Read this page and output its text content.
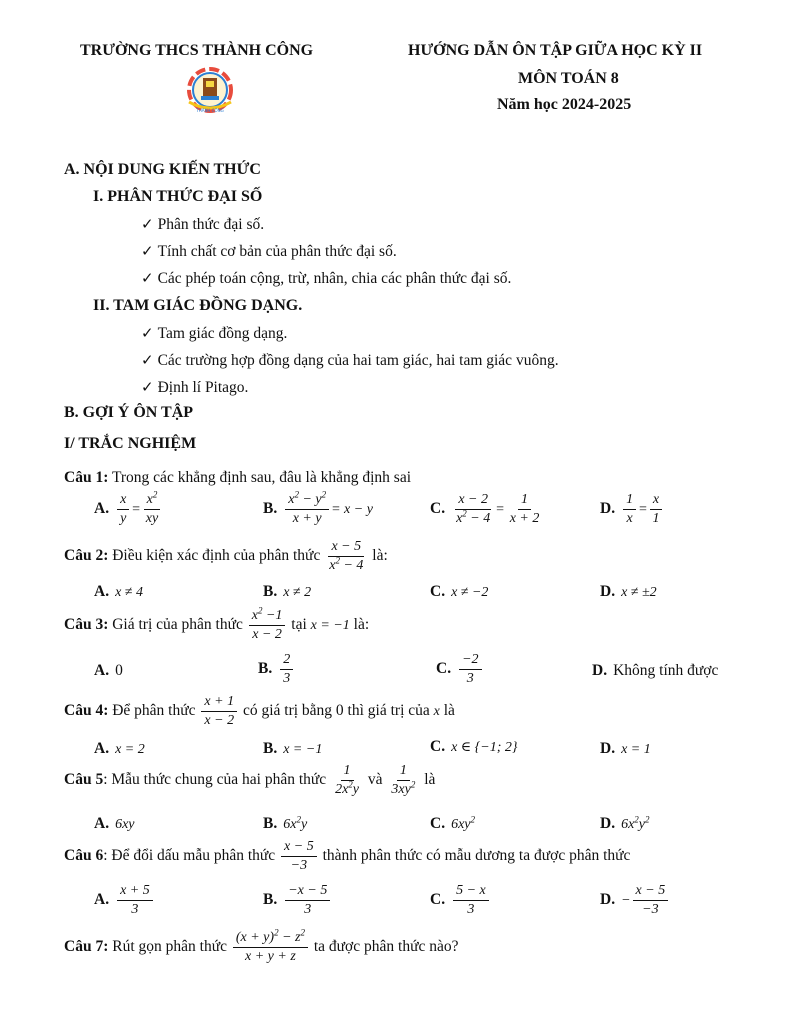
TRƯỜNG THCS THÀNH CÔNG	HƯỚNG DẪN ÔN TẬP GIỮA HỌC KỲ II
MÔN TOÁN 8
Năm học 2024-2025
THÀNH CÔNG
A. NỘI DUNG KIẾN THỨC
I. PHÂN THỨC ĐẠI SỐ
✓ Phân thức đại số.
✓ Tính chất cơ bản của phân thức đại số.
✓ Các phép toán cộng, trừ, nhân, chia các phân thức đại số.
II. TAM GIÁC ĐỒNG DẠNG.
✓ Tam giác đồng dạng.
✓ Các trường hợp đồng dạng của hai tam giác, hai tam giác vuông.
✓ Định lí Pitago.
B. GỢI Ý ÔN TẬP
I/ TRẮC NGHIỆM
Câu 1: Trong các khẳng định sau, đâu là khẳng định sai
A. $\frac{x}{y} = \frac{x^2}{xy}$	B. $\frac{x^2 - y^2}{x + y} = x - y$	C. $\frac{x - 2}{x^2 - 4} = \frac{1}{x + 2}$	D. $\frac{1}{x} = \frac{x}{1}$
Câu 2: Điều kiện xác định của phân thức $\frac{x - 5}{x^2 - 4}$ là:
A. x ≠ 4	B. x ≠ 2	C. x ≠ −2	D. x ≠ ±2
Câu 3: Giá trị của phân thức $\frac{x^2 -1}{x - 2}$ tại x = −1 là:
A. 0	B. $\frac{2}{3}$	C. $\frac{-2}{3}$	D. Không tính được
Câu 4: Để phân thức $\frac{x + 1}{x - 2}$ có giá trị bằng 0 thì giá trị của x là
A. x = 2	B. x = −1	C. x ∈ {−1; 2}	D. x = 1
Câu 5: Mẫu thức chung của hai phân thức $\frac{1}{2x^2y}$ và $\frac{1}{3xy^2}$ là
A. 6xy	B. $6x^2y$	C. $6xy^2$	D. $6x^2y^2$
Câu 6: Để đổi dấu mẫu phân thức $\frac{x - 5}{-3}$ thành phân thức có mẫu dương ta được phân thức
A. $\frac{x + 5}{3}$	B. $\frac{-x - 5}{3}$	C. $\frac{5 - x}{3}$	D. − $\frac{x - 5}{-3}$
Câu 7: Rút gọn phân thức $\frac{(x + y)^2 - z^2}{x + y + z}$ ta được phân thức nào?
